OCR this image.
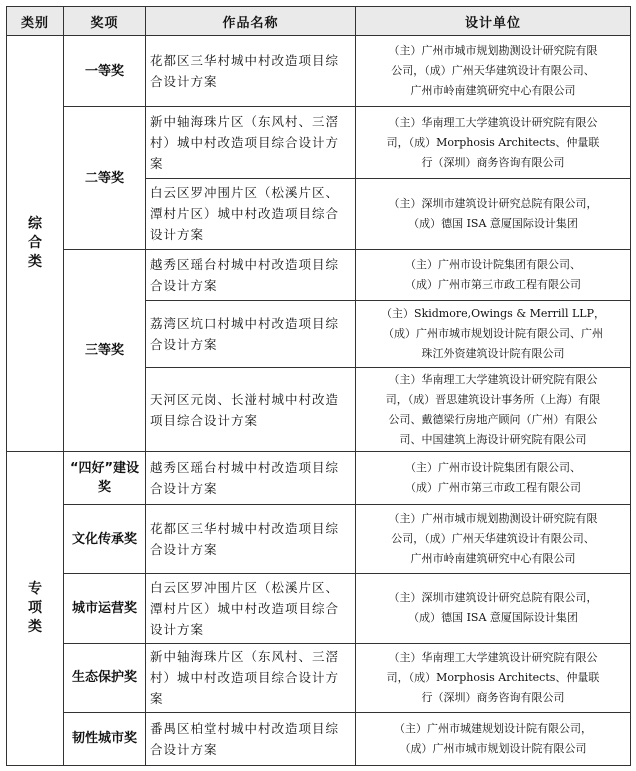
类别	奖项	作品名称	设计单位
综合类	一等奖	花都区三华村城中村改造项目综合设计方案	（主）广州市城市规划勘测设计研究院有限
公司，（成）广州天华建筑设计有限公司、
广州市岭南建筑研究中心有限公司

	二等奖	新中轴海珠片区（东风村、三滘村）城中村改造项目综合设计方案	（主）华南理工大学建筑设计研究院有限公
司，（成）Morphosis Architects、仲量联
行（深圳）商务咨询有限公司

		白云区罗冲围片区（松溪片区、潭村片区）城中村改造项目综合设计方案	（主）深圳市建筑设计研究总院有限公司，
（成）德国 ISA 意厦国际设计集团

	三等奖	越秀区瑶台村城中村改造项目综合设计方案	（主）广州市设计院集团有限公司、
（成）广州市第三市政工程有限公司

		荔湾区坑口村城中村改造项目综合设计方案	（主）Skidmore,Owings & Merrill LLP，
（成）广州市城市规划设计院有限公司、广州
珠江外资建筑设计院有限公司

		天河区元岗、长湴村城中村改造项目综合设计方案	（主）华南理工大学建筑设计研究院有限公
司，（成）晋思建筑设计事务所（上海）有限
公司、戴德梁行房地产顾问（广州）有限公
司、中国建筑上海设计研究院有限公司

专项类	“四好”建设奖	越秀区瑶台村城中村改造项目综合设计方案	（主）广州市设计院集团有限公司、
（成）广州市第三市政工程有限公司

	文化传承奖	花都区三华村城中村改造项目综合设计方案	（主）广州市城市规划勘测设计研究院有限
公司，（成）广州天华建筑设计有限公司、
广州市岭南建筑研究中心有限公司

	城市运营奖	白云区罗冲围片区（松溪片区、潭村片区）城中村改造项目综合设计方案	（主）深圳市建筑设计研究总院有限公司，
（成）德国 ISA 意厦国际设计集团

	生态保护奖	新中轴海珠片区（东风村、三滘村）城中村改造项目综合设计方案	（主）华南理工大学建筑设计研究院有限公
司，（成）Morphosis Architects、仲量联
行（深圳）商务咨询有限公司

	韧性城市奖	番禺区柏堂村城中村改造项目综合设计方案	（主）广州市城建规划设计院有限公司，
（成）广州市城市规划设计院有限公司
